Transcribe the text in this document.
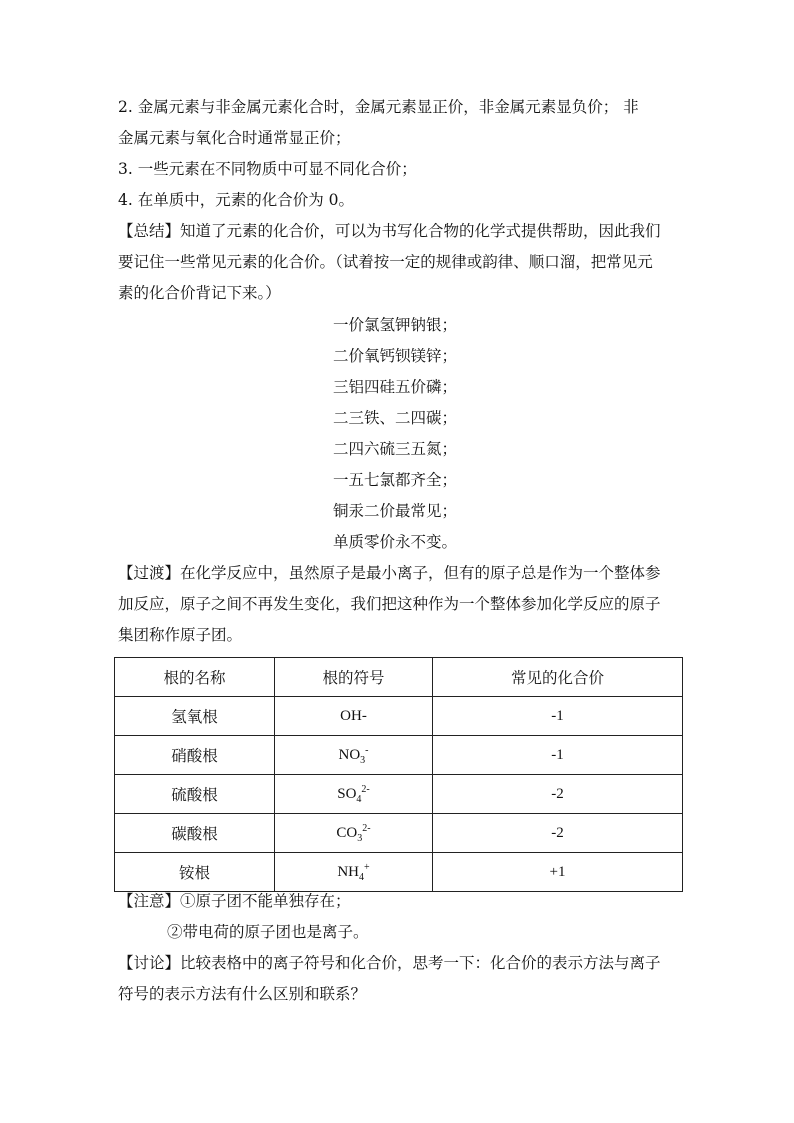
2. 金属元素与非金属元素化合时，金属元素显正价，非金属元素显负价； 非
金属元素与氧化合时通常显正价；
3. 一些元素在不同物质中可显不同化合价；
4. 在单质中，元素的化合价为 0。
【总结】知道了元素的化合价，可以为书写化合物的化学式提供帮助，因此我们
要记住一些常见元素的化合价。（试着按一定的规律或韵律、顺口溜，把常见元
素的化合价背记下来。）
一价氯氢钾钠银；
二价氧钙钡镁锌；
三铝四硅五价磷；
二三铁、二四碳；
二四六硫三五氮；
一五七氯都齐全；
铜汞二价最常见；
单质零价永不变。
【过渡】在化学反应中，虽然原子是最小离子，但有的原子总是作为一个整体参
加反应，原子之间不再发生变化，我们把这种作为一个整体参加化学反应的原子
集团称作原子团。
根的名称	根的符号	常见的化合价
氢氧根	OH-	-1
硝酸根	$NO_3^-$	-1
硫酸根	$SO_4^{2-}$	-2
碳酸根	$CO_3^{2-}$	-2
铵根	$NH_4^+$	+1
【注意】①原子团不能单独存在；
②带电荷的原子团也是离子。
【讨论】比较表格中的离子符号和化合价，思考一下：化合价的表示方法与离子
符号的表示方法有什么区别和联系？
